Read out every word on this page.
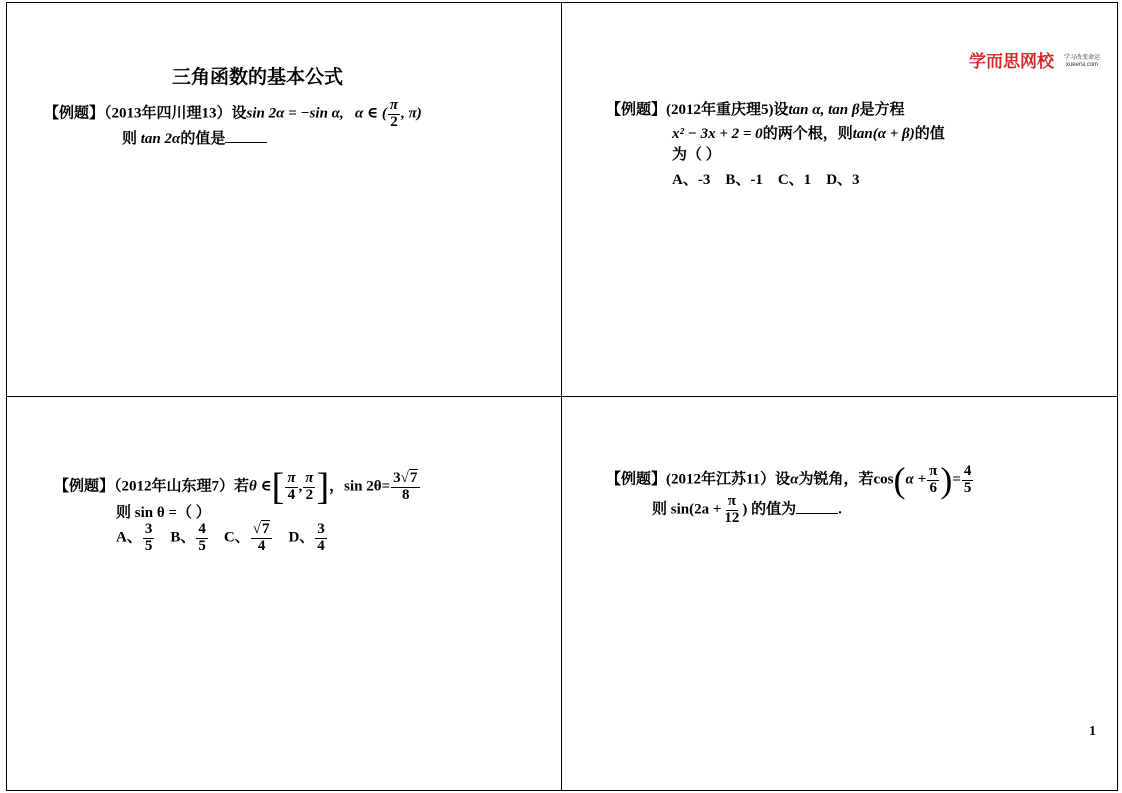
三角函数的基本公式
学而思网校 学习改变命运
xueersi.com
【例题】（2013年四川理13）设sin 2α = −sin α, α ∈ ( $\frac{\pi}{2}$ , π)
则 tan 2α的值是
【例题】(2012年重庆理5)设tan α, tan β是方程
x² − 3x + 2 = 0的两个根，则tan(α + β)的值
为（ ）
A、-3 B、-1 C、1 D、3
【例题】（2012年山东理7）若θ ∈[ $\frac{\pi}{4}$ , $\frac{\pi}{2}$ ]，$\sin 2\theta= \frac{3√7}{8}$
则 sin θ =（ ）
A、 $\frac{3}{5}$ B、 $\frac{4}{5}$ C、 $\frac{√7}{4}$ D、 $\frac{3}{4}$
【例题】(2012年江苏11）设α为锐角，若$\cos(\alpha + \frac{\pi}{6}$ )= $\frac{4}{5}$
则 $\sin(2a + \frac{\pi}{12}$ ) 的值为	.
1
